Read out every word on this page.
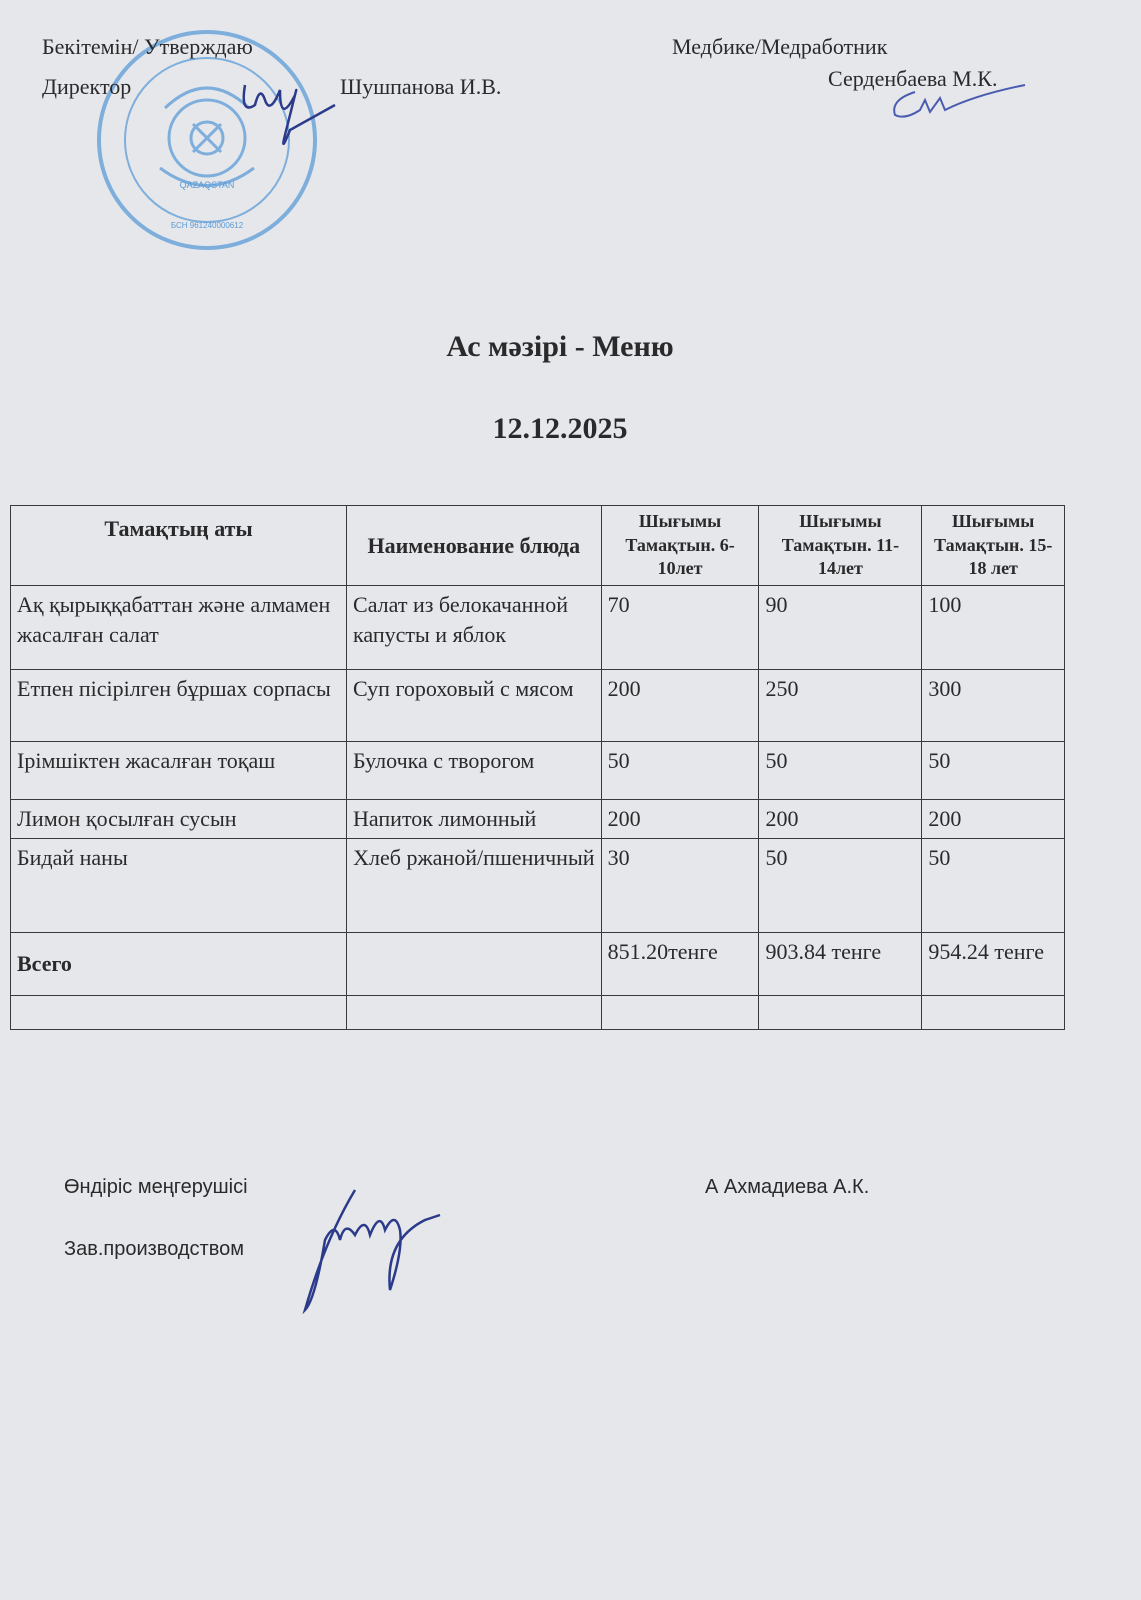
QAZAQSTAN
БСН 961240000612
Бекітемін/ Утверждаю
Директор	Шушпанова И.В.
Медбике/Медработник
Серденбаева М.К.
Ас мәзірі - Меню
12.12.2025
Тамақтың аты	Наименование блюда	Шығымы Тамақтын. 6-10лет	Шығымы Тамақтын. 11-14лет	Шығымы Тамақтын. 15-18 лет
Ақ қырыққабаттан және алмамен жасалған салат	Салат из белокачанной капусты и яблок	70	90	100
Етпен пісірілген бұршах сорпасы	Суп гороховый с мясом	200	250	300
Ірімшіктен жасалған тоқаш	Булочка с творогом	50	50	50
Лимон қосылған сусын	Напиток лимонный	200	200	200
Бидай наны	Хлеб ржаной/пшеничный	30	50	50
Всего		851.20тенге	903.84 тенге	954.24 тенге

Өндіріс меңгерушісі
Зав.производством
А Ахмадиева А.К.
